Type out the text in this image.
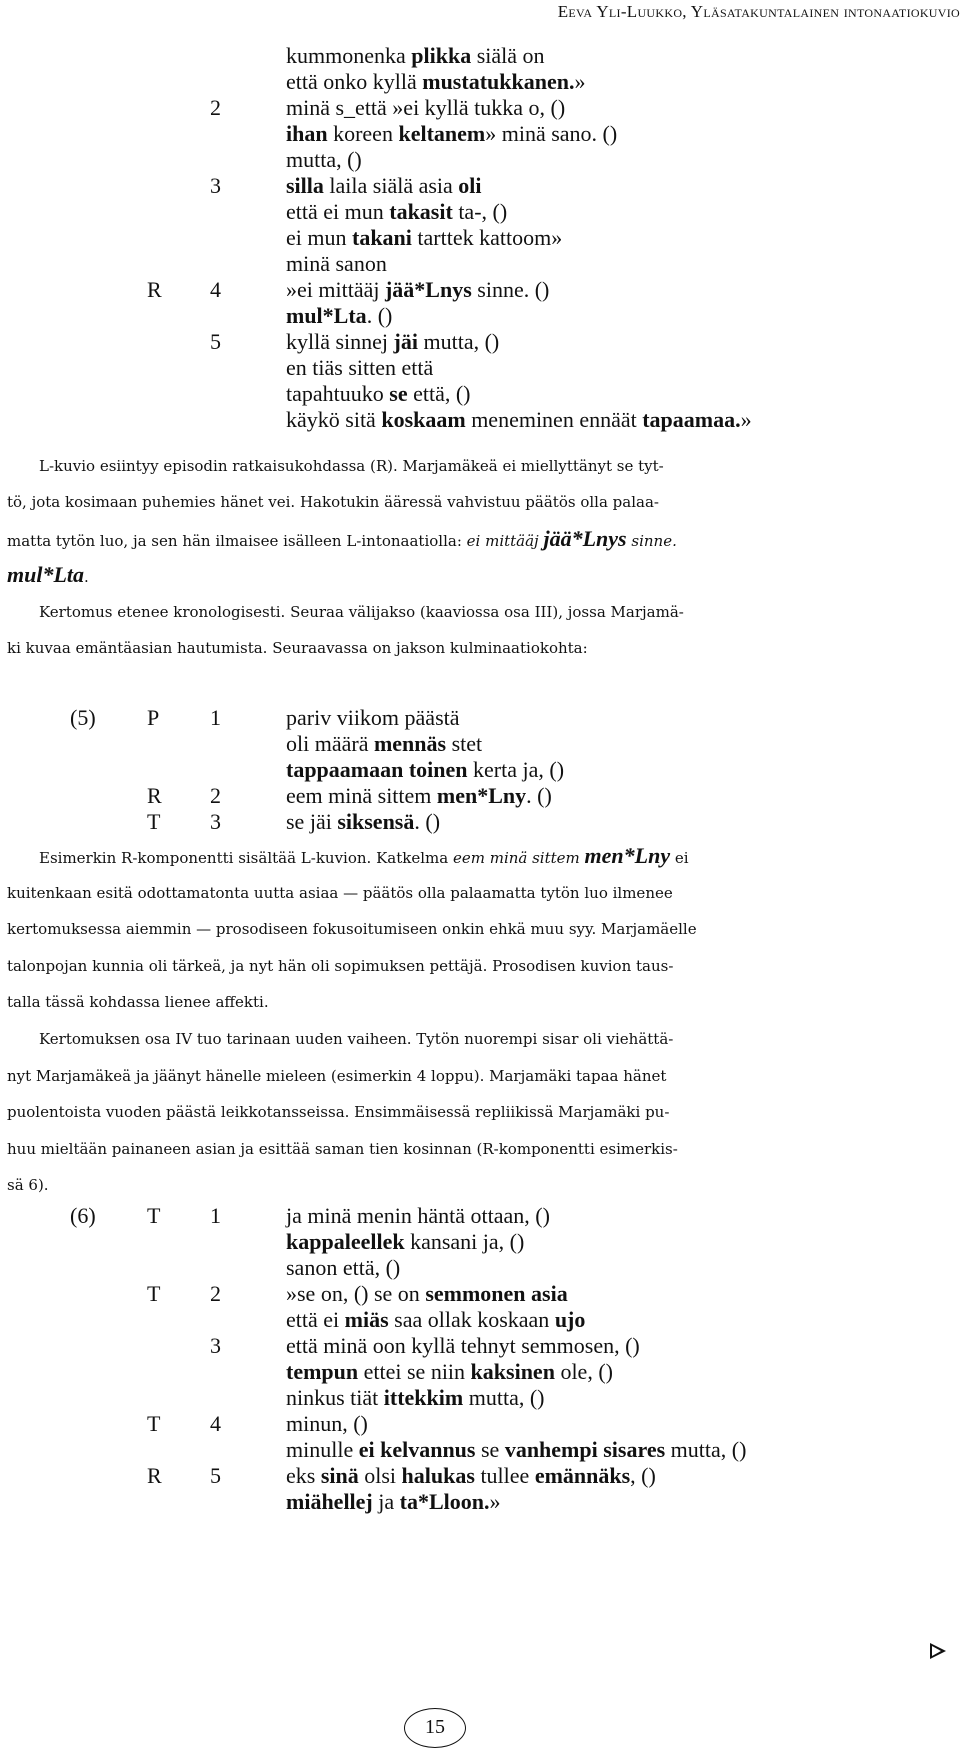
Eeva Yli-Luukko, Yläsatakuntalainen intonaatiokuvio
kummonenka plikka siälä on
että onko kyllä mustatukkanen.»
2	minä s_että »ei kyllä tukka o, ()
ihan koreen keltanem» minä sano. ()
mutta, ()
3	silla laila siälä asia oli
että ei mun takasit ta-, ()
ei mun takani tarttek kattoom»
minä sanon
R 4	»ei mittääj jää*Lnys sinne. ()
mul*Lta. ()
5	kyllä sinnej jäi mutta, ()
en tiäs sitten että
tapahtuuko se että, ()
käykö sitä koskaam meneminen ennäät tapaamaa.»
L-kuvio esiintyy episodin ratkaisukohdassa (R). Marjamäkeä ei miellyttänyt se tyt-
tö, jota kosimaan puhemies hänet vei. Hakotukin ääressä vahvistuu päätös olla palaa-
matta tytön luo, ja sen hän ilmaisee isälleen L-intonaatiolla: ei mittääj jää*Lnys sinne.
mul*Lta.
Kertomus etenee kronologisesti. Seuraa välijakso (kaaviossa osa III), jossa Marjamä-
ki kuvaa emäntäasian hautumista. Seuraavassa on jakson kulminaatiokohta:
(5) P 1	pariv viikom päästä
oli määrä mennäs stet
tappaamaan toinen kerta ja, ()
R 2	eem minä sittem men*Lny. ()
T 3	se jäi siksensä. ()
Esimerkin R-komponentti sisältää L-kuvion. Katkelma eem minä sittem men*Lny ei
kuitenkaan esitä odottamatonta uutta asiaa — päätös olla palaamatta tytön luo ilmenee
kertomuksessa aiemmin — prosodiseen fokusoitumiseen onkin ehkä muu syy. Marjamäelle
talonpojan kunnia oli tärkeä, ja nyt hän oli sopimuksen pettäjä. Prosodisen kuvion taus-
talla tässä kohdassa lienee affekti.
Kertomuksen osa IV tuo tarinaan uuden vaiheen. Tytön nuorempi sisar oli viehättä-
nyt Marjamäkeä ja jäänyt hänelle mieleen (esimerkin 4 loppu). Marjamäki tapaa hänet
puolentoista vuoden päästä leikkotansseissa. Ensimmäisessä repliikissä Marjamäki pu-
huu mieltään painaneen asian ja esittää saman tien kosinnan (R-komponentti esimerkis-
sä 6).
(6) T 1	ja minä menin häntä ottaan, ()
kappaleellek kansani ja, ()
sanon että, ()
T 2	»se on, () se on semmonen asia
että ei miäs saa ollak koskaan ujo
3	että minä oon kyllä tehnyt semmosen, ()
tempun ettei se niin kaksinen ole, ()
ninkus tiät ittekkim mutta, ()
T 4	minun, ()
minulle ei kelvannus se vanhempi sisares mutta, ()
R 5	eks sinä olsi halukas tullee emännäks, ()
miähellej ja ta*Lloon.»
15
